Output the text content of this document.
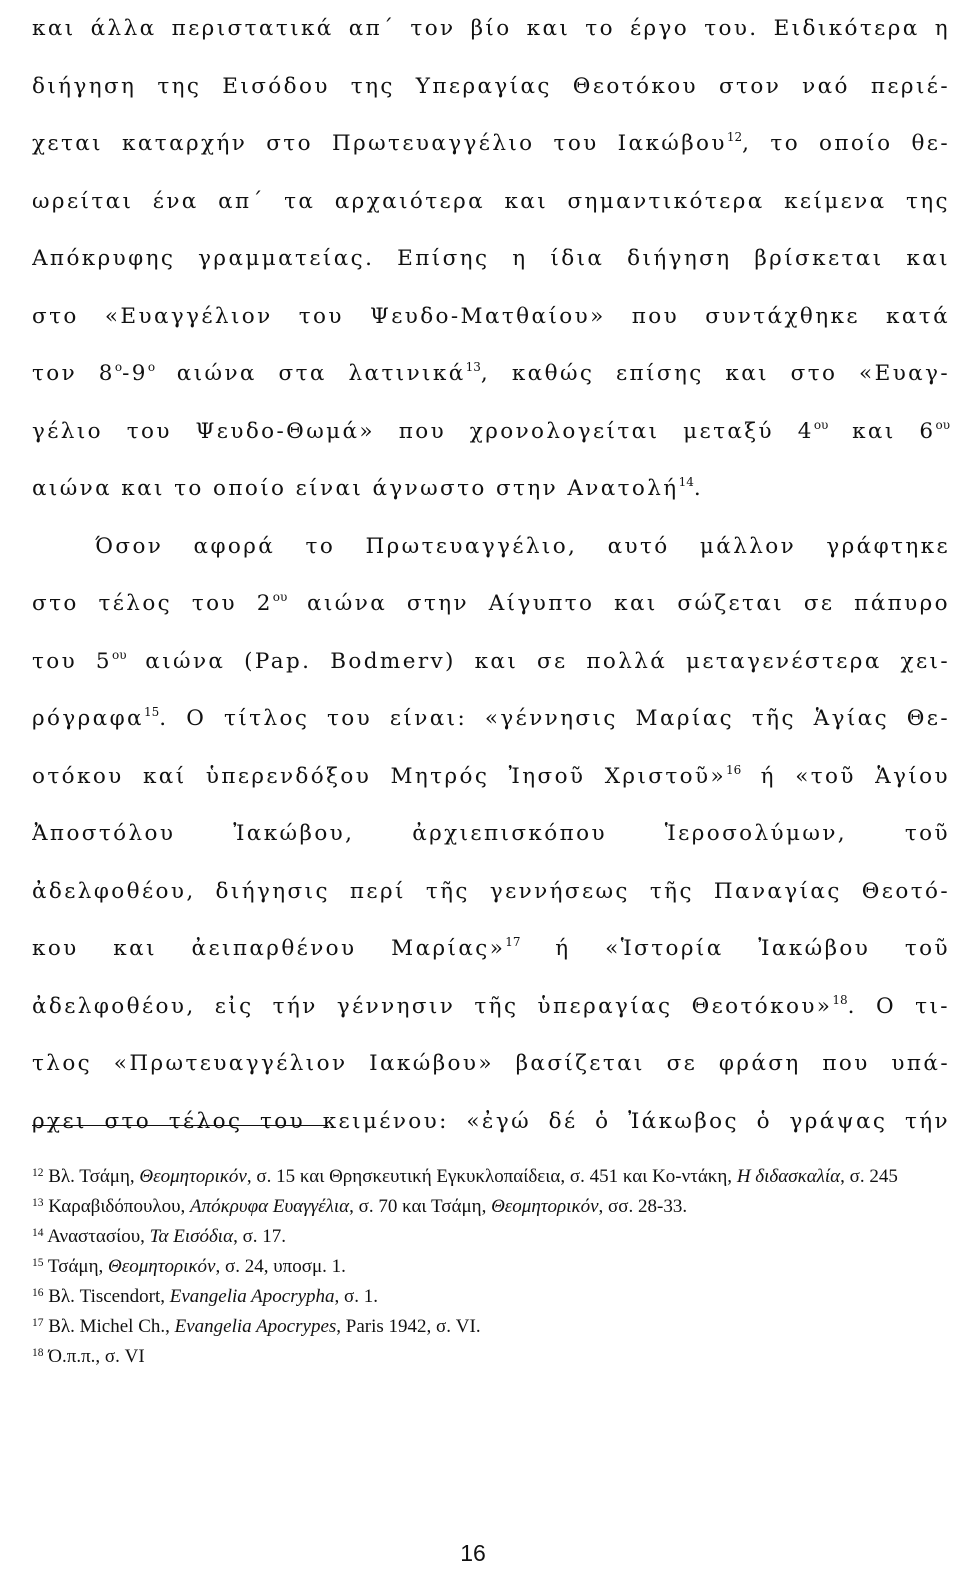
και άλλα περιστατικά απ΄ τον βίο και το έργο του. Ειδικότερα η
διήγηση της Εισόδου της Υπεραγίας Θεοτόκου στον ναό περιέ-
χεται καταρχήν στο Πρωτευαγγέλιο του Ιακώβου$^{12}$, το οποίο θε-
ωρείται ένα απ΄ τα αρχαιότερα και σημαντικότερα κείμενα της
Απόκρυφης γραμματείας. Επίσης η ίδια διήγηση βρίσκεται και
στο «Ευαγγέλιον του Ψευδο-Ματθαίου» που συντάχθηκε κατά
τον $8^o-9^o$ αιώνα στα λατινικά$^{13}$, καθώς επίσης και στο «Ευαγ-
γέλιο του Ψευδο-Θωμά» που χρονολογείται μεταξύ $4^{o\upsilon}$ και $6^{o\upsilon}$
αιώνα και το οποίο είναι άγνωστο στην Ανατολή$^{14}$.
Όσον αφορά το Πρωτευαγγέλιο, αυτό μάλλον γράφτηκε
στο τέλος του $2^{o\upsilon}$ αιώνα στην Αίγυπτο και σώζεται σε πάπυρο
του $5^{o\upsilon}$ αιώνα (Pap. Bodmerv) και σε πολλά μεταγενέστερα χει-
ρόγραφα$^{15}$. Ο τίτλος του είναι: «γέννησις Μαρίας τῆς Ἁγίας Θε-
οτόκου καί ὑπερενδόξου Μητρός Ἰησοῦ Χριστοῦ»$^{16}$ ή «τοῦ Ἁγίου
Ἀποστόλου Ἰακώβου, ἀρχιεπισκόπου Ἱεροσολύμων, τοῦ
ἀδελφοθέου, διήγησις περί τῆς γεννήσεως τῆς Παναγίας Θεοτό-
κου και ἀειπαρθένου Μαρίας»$^{17}$ ή «Ἱστορία Ἰακώβου τοῦ
ἀδελφοθέου, εἰς τήν γέννησιν τῆς ὑπεραγίας Θεοτόκου»$^{18}$. Ο τι-
τλος «Πρωτευαγγέλιον Ιακώβου» βασίζεται σε φράση που υπά-
ρχει στο τέλος του κειμένου: «ἐγώ δέ ὁ Ἰάκωβος ὁ γράψας τήν
$^{12}$ Βλ. Τσάμη, Θεομητορικόν, σ. 15 και Θρησκευτική Εγκυκλοπαίδεια, σ. 451 και Κο-ντάκη, Η διδασκαλία, σ. 245
$^{13}$ Καραβιδόπουλου, Απόκρυφα Ευαγγέλια, σ. 70 και Τσάμη, Θεομητορικόν, σσ. 28-33.
$^{14}$ Αναστασίου, Τα Εισόδια, σ. 17.
$^{15}$ Τσάμη, Θεομητορικόν, σ. 24, υποσμ. 1.
$^{16}$ Βλ. Tiscendort, Evangelia Apocrypha, σ. 1.
$^{17}$ Βλ. Michel Ch., Evangelia Apocrypes, Paris 1942, σ. VI.
$^{18}$ Ό.π.π., σ. VI
16
